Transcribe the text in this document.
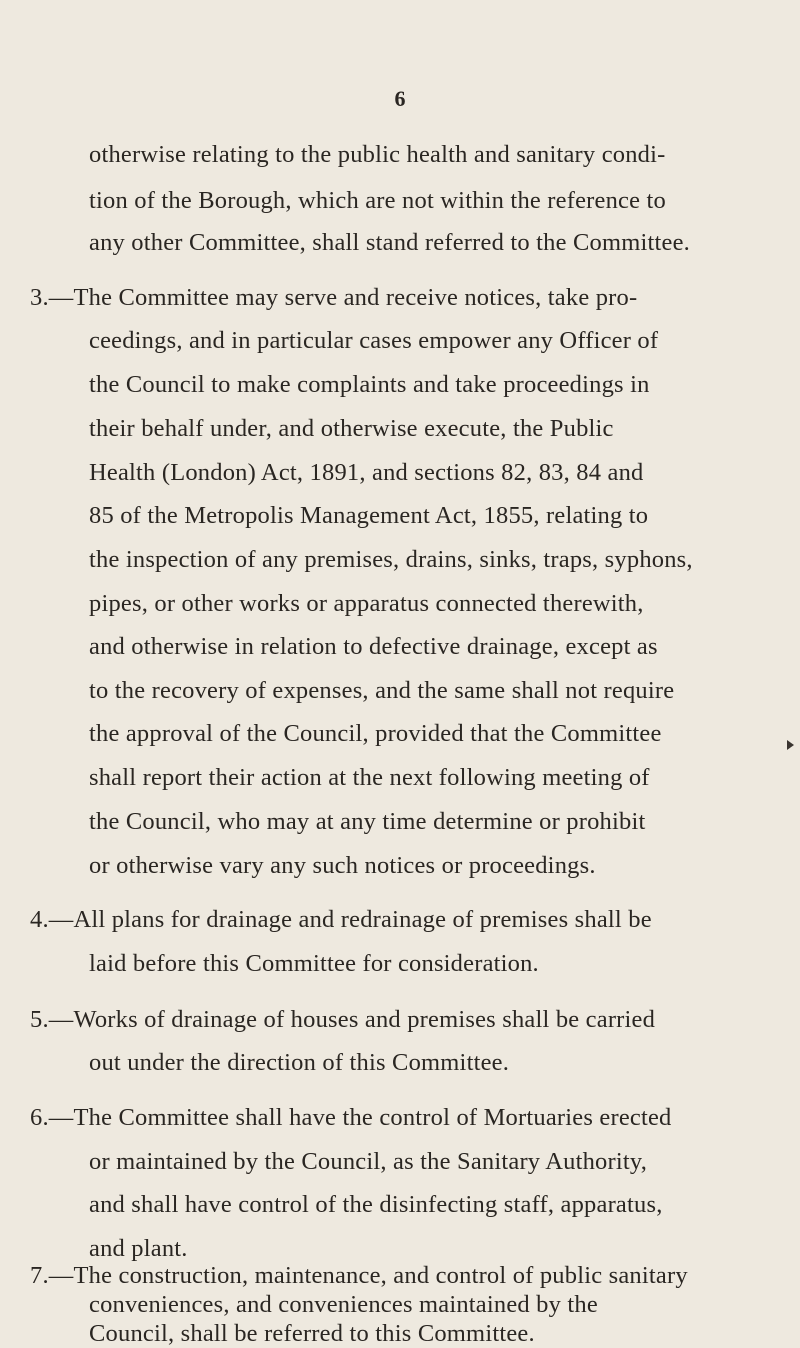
6
otherwise relating to the public health and sanitary condi-
tion of the Borough, which are not within the reference to
any other Committee, shall stand referred to the Committee.
3.—The Committee may serve and receive notices, take pro-
ceedings, and in particular cases empower any Officer of
the Council to make complaints and take proceedings in
their behalf under, and otherwise execute, the Public
Health (London) Act, 1891, and sections 82, 83, 84 and
85 of the Metropolis Management Act, 1855, relating to
the inspection of any premises, drains, sinks, traps, syphons,
pipes, or other works or apparatus connected therewith,
and otherwise in relation to defective drainage, except as
to the recovery of expenses, and the same shall not require
the approval of the Council, provided that the Committee
shall report their action at the next following meeting of
the Council, who may at any time determine or prohibit
or otherwise vary any such notices or proceedings.
4.—All plans for drainage and redrainage of premises shall be
laid before this Committee for consideration.
5.—Works of drainage of houses and premises shall be carried
out under the direction of this Committee.
6.—The Committee shall have the control of Mortuaries erected
or maintained by the Council, as the Sanitary Authority,
and shall have control of the disinfecting staff, apparatus,
and plant.
7.—The construction, maintenance, and control of public sanitary
conveniences, and conveniences maintained by the
Council, shall be referred to this Committee.
